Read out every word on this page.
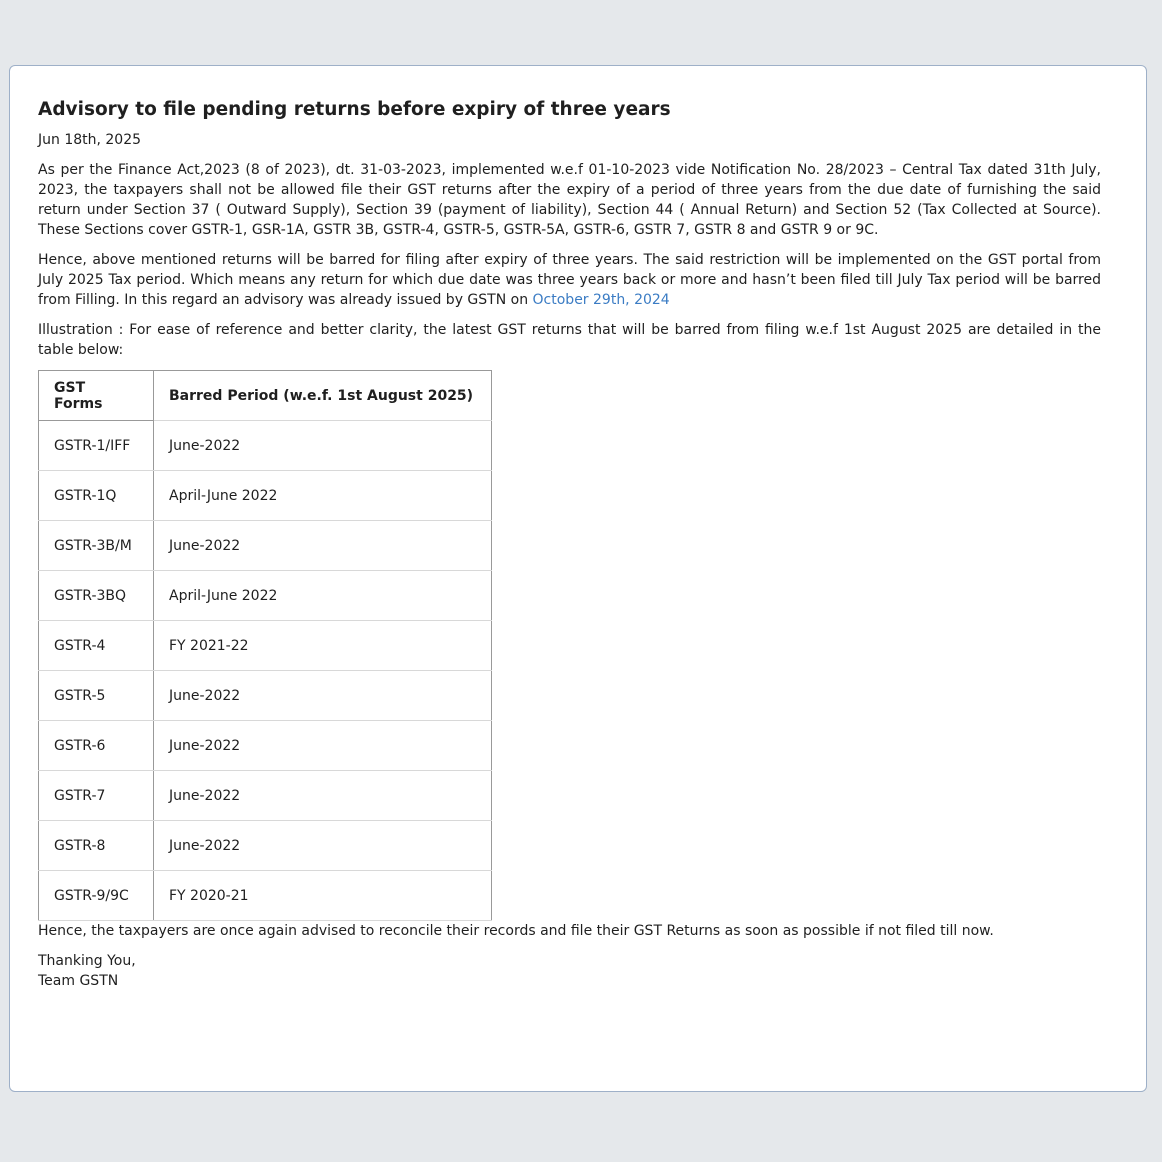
Advisory to file pending returns before expiry of three years
Jun 18th, 2025

As per the Finance Act,2023 (8 of 2023), dt. 31-03-2023, implemented w.e.f 01-10-2023 vide Notification No. 28/2023 – Central Tax dated 31th July, 2023, the taxpayers shall not be allowed file their GST returns after the expiry of a period of three years from the due date of furnishing the said return under Section 37 ( Outward Supply), Section 39 (payment of liability), Section 44 ( Annual Return) and Section 52 (Tax Collected at Source). These Sections cover GSTR-1, GSR-1A, GSTR 3B, GSTR-4, GSTR-5, GSTR-5A, GSTR-6, GSTR 7, GSTR 8 and GSTR 9 or 9C.

Hence, above mentioned returns will be barred for filing after expiry of three years. The said restriction will be implemented on the GST portal from July 2025 Tax period. Which means any return for which due date was three years back or more and hasn’t been filed till July Tax period will be barred from Filling. In this regard an advisory was already issued by GSTN on October 29th, 2024

Illustration : For ease of reference and better clarity, the latest GST returns that will be barred from filing w.e.f 1st August 2025 are detailed in the table below:

GST Forms	Barred Period (w.e.f. 1st August 2025)
GSTR-1/IFF	June-2022
GSTR-1Q	April-June 2022
GSTR-3B/M	June-2022
GSTR-3BQ	April-June 2022
GSTR-4	FY 2021-22
GSTR-5	June-2022
GSTR-6	June-2022
GSTR-7	June-2022
GSTR-8	June-2022
GSTR-9/9C	FY 2020-21

Hence, the taxpayers are once again advised to reconcile their records and file their GST Returns as soon as possible if not filed till now.

Thanking You,
Team GSTN
